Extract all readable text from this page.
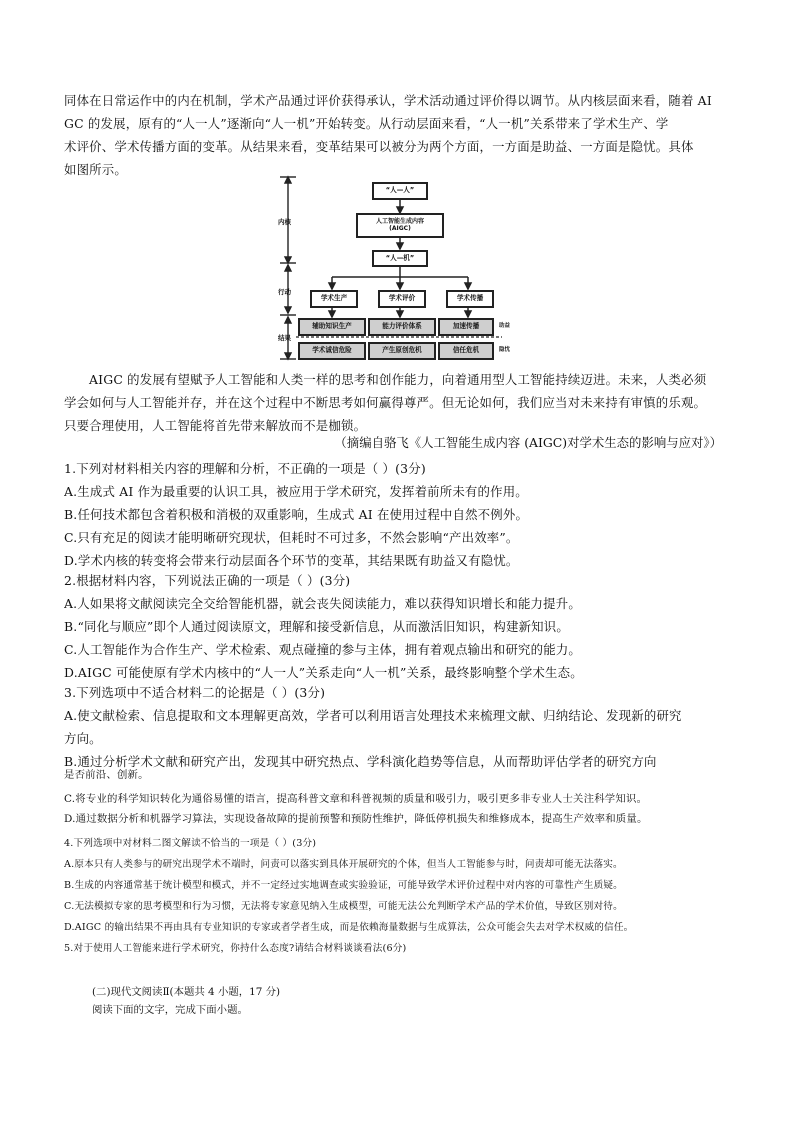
同体在日常运作中的内在机制，学术产品通过评价获得承认，学术活动通过评价得以调节。从内核层面来看，随着 AI
GC 的发展，原有的“人一人”逐渐向“人一机”开始转变。从行动层面来看，“人一机”关系带来了学术生产、学
术评价、学术传播方面的变革。从结果来看，变革结果可以被分为两个方面，一方面是助益、一方面是隐忧。具体
如图所示。
内核
行动
结果
“人—人”
人工智能生成内容
(AIGC)
“人—机”
学术生产	学术评价	学术传播
辅助知识生产	能力评价体系	加速传播	助益
学术诚信危险	产生原创危机	信任危机	隐忧
AIGC 的发展有望赋予人工智能和人类一样的思考和创作能力，向着通用型人工智能持续迈进。未来，人类必须
学会如何与人工智能并存，并在这个过程中不断思考如何赢得尊严。但无论如何，我们应当对未来持有审慎的乐观。
只要合理使用，人工智能将首先带来解放而不是枷锁。
（摘编自骆飞《人工智能生成内容 (AIGC)对学术生态的影响与应对》）
1.下列对材料相关内容的理解和分析，不正确的一项是（ ）(3分)
A.生成式 AI 作为最重要的认识工具，被应用于学术研究，发挥着前所未有的作用。
B.任何技术都包含着积极和消极的双重影响，生成式 AI 在使用过程中自然不例外。
C.只有充足的阅读才能明晰研究现状，但耗时不可过多，不然会影响“产出效率”。
D.学术内核的转变将会带来行动层面各个环节的变革，其结果既有助益又有隐忧。
2.根据材料内容，下列说法正确的一项是（ ）(3分)
A.人如果将文献阅读完全交给智能机器，就会丧失阅读能力，难以获得知识增长和能力提升。
B.“同化与顺应”即个人通过阅读原文，理解和接受新信息，从而激活旧知识，构建新知识。
C.人工智能作为合作生产、学术检索、观点碰撞的参与主体，拥有着观点输出和研究的能力。
D.AIGC 可能使原有学术内核中的“人一人”关系走向“人一机”关系，最终影响整个学术生态。
3.下列选项中不适合材料二的论据是（ ）(3分)
A.使文献检索、信息提取和文本理解更高效，学者可以利用语言处理技术来梳理文献、归纳结论、发现新的研究
方向。
B.通过分析学术文献和研究产出，发现其中研究热点、学科演化趋势等信息，从而帮助评估学者的研究方向
是否前沿、创新。
C.将专业的科学知识转化为通俗易懂的语言，提高科普文章和科普视频的质量和吸引力，吸引更多非专业人士关注科学知识。
D.通过数据分析和机器学习算法，实现设备故障的提前预警和预防性维护，降低停机损失和维修成本，提高生产效率和质量。
4.下列选项中对材料二图文解读不恰当的一项是（ ）(3分)
A.原本只有人类参与的研究出现学术不端时，问责可以落实到具体开展研究的个体，但当人工智能参与时，问责却可能无法落实。
B.生成的内容通常基于统计模型和模式，并不一定经过实地调查或实验验证，可能导致学术评价过程中对内容的可靠性产生质疑。
C.无法模拟专家的思考模型和行为习惯，无法将专家意见纳入生成模型，可能无法公允判断学术产品的学术价值，导致区别对待。
D.AIGC 的输出结果不再由具有专业知识的专家或者学者生成，而是依赖海量数据与生成算法，公众可能会失去对学术权威的信任。
5.对于使用人工智能来进行学术研究，你持什么态度?请结合材料谈谈看法(6分)
(二)现代文阅读Ⅱ(本题共 4 小题，17 分)
阅读下面的文字，完成下面小题。
